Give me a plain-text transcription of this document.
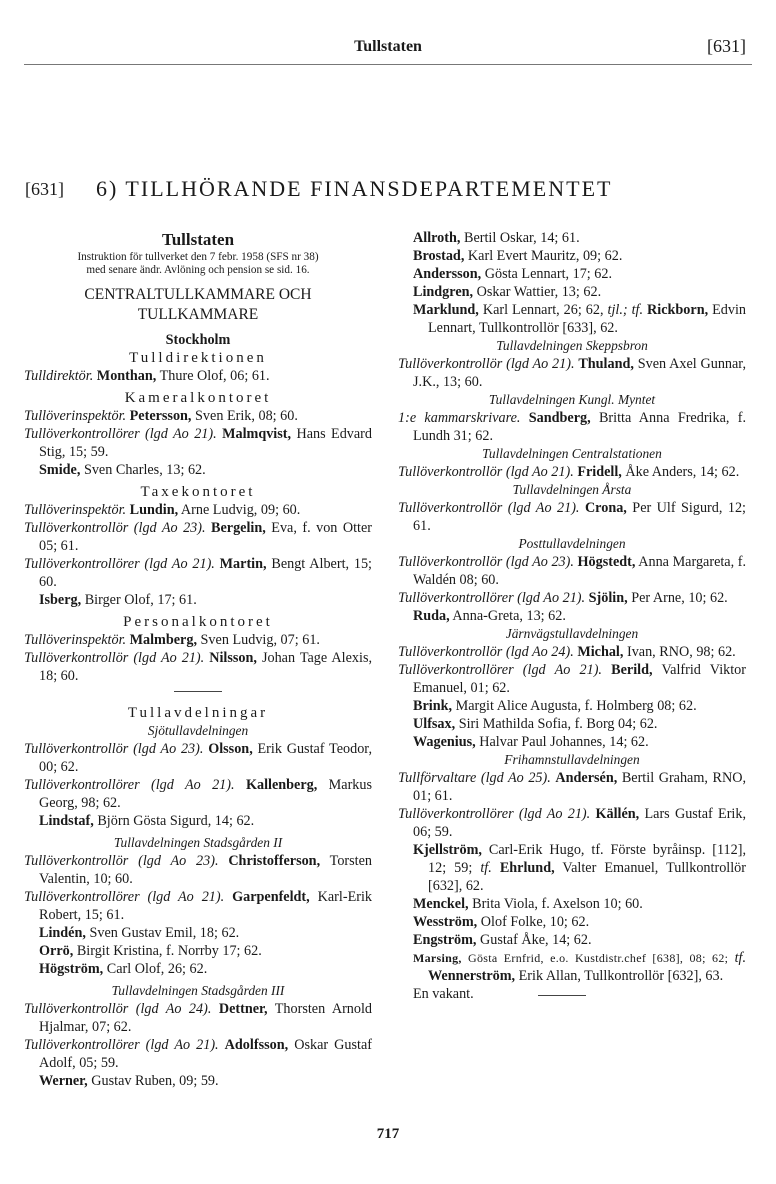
Tullstaten	[631]
[631] 6) TILLHÖRANDE FINANSDEPARTEMENTET
Tullstaten
Instruktion för tullverket den 7 febr. 1958 (SFS nr 38)
med senare ändr. Avlöning och pension se sid. 16.
CENTRALTULLKAMMARE OCH
TULLKAMMARE
Stockholm
Tulldirektionen
Tulldirektör. Monthan, Thure Olof, 06; 61.
Kameralkontoret
Tullöverinspektör. Petersson, Sven Erik, 08; 60.
Tullöverkontrollörer (lgd Ao 21). Malmqvist, Hans Edvard Stig, 15; 59.
Smide, Sven Charles, 13; 62.
Taxekontoret
Tullöverinspektör. Lundin, Arne Ludvig, 09; 60.
Tullöverkontrollör (lgd Ao 23). Bergelin, Eva, f. von Otter 05; 61.
Tullöverkontrollörer (lgd Ao 21). Martin, Bengt Albert, 15; 60.
Isberg, Birger Olof, 17; 61.
Personalkontoret
Tullöverinspektör. Malmberg, Sven Ludvig, 07; 61.
Tullöverkontrollör (lgd Ao 21). Nilsson, Johan Tage Alexis, 18; 60.
Tullavdelningar
Sjötullavdelningen
Tullöverkontrollör (lgd Ao 23). Olsson, Erik Gustaf Teodor, 00; 62.
Tullöverkontrollörer (lgd Ao 21). Kallenberg, Markus Georg, 98; 62.
Lindstaf, Björn Gösta Sigurd, 14; 62.
Tullavdelningen Stadsgården II
Tullöverkontrollör (lgd Ao 23). Christofferson, Torsten Valentin, 10; 60.
Tullöverkontrollörer (lgd Ao 21). Garpenfeldt, Karl-Erik Robert, 15; 61.
Lindén, Sven Gustav Emil, 18; 62.
Orrö, Birgit Kristina, f. Norrby 17; 62.
Högström, Carl Olof, 26; 62.
Tullavdelningen Stadsgården III
Tullöverkontrollör (lgd Ao 24). Dettner, Thorsten Arnold Hjalmar, 07; 62.
Tullöverkontrollörer (lgd Ao 21). Adolfsson, Oskar Gustaf Adolf, 05; 59.
Werner, Gustav Ruben, 09; 59.
Allroth, Bertil Oskar, 14; 61.
Brostad, Karl Evert Mauritz, 09; 62.
Andersson, Gösta Lennart, 17; 62.
Lindgren, Oskar Wattier, 13; 62.
Marklund, Karl Lennart, 26; 62, tjl.; tf. Rickborn, Edvin Lennart, Tullkontrollör [633], 62.
Tullavdelningen Skeppsbron
Tullöverkontrollör (lgd Ao 21). Thuland, Sven Axel Gunnar, J.K., 13; 60.
Tullavdelningen Kungl. Myntet
1:e kammarskrivare. Sandberg, Britta Anna Fredrika, f. Lundh 31; 62.
Tullavdelningen Centralstationen
Tullöverkontrollör (lgd Ao 21). Fridell, Åke Anders, 14; 62.
Tullavdelningen Årsta
Tullöverkontrollör (lgd Ao 21). Crona, Per Ulf Sigurd, 12; 61.
Posttullavdelningen
Tullöverkontrollör (lgd Ao 23). Högstedt, Anna Margareta, f. Waldén 08; 60.
Tullöverkontrollörer (lgd Ao 21). Sjölin, Per Arne, 10; 62.
Ruda, Anna-Greta, 13; 62.
Järnvägstullavdelningen
Tullöverkontrollör (lgd Ao 24). Michal, Ivan, RNO, 98; 62.
Tullöverkontrollörer (lgd Ao 21). Berild, Valfrid Viktor Emanuel, 01; 62.
Brink, Margit Alice Augusta, f. Holmberg 08; 62.
Ulfsax, Siri Mathilda Sofia, f. Borg 04; 62.
Wagenius, Halvar Paul Johannes, 14; 62.
Frihamnstullavdelningen
Tullförvaltare (lgd Ao 25). Andersén, Bertil Graham, RNO, 01; 61.
Tullöverkontrollörer (lgd Ao 21). Källén, Lars Gustaf Erik, 06; 59.
Kjellström, Carl-Erik Hugo, tf. Förste byråinsp. [112], 12; 59; tf. Ehrlund, Valter Emanuel, Tullkontrollör [632], 62.
Menckel, Brita Viola, f. Axelson 10; 60.
Wesström, Olof Folke, 10; 62.
Engström, Gustaf Åke, 14; 62.
Marsing, Gösta Ernfrid, e.o. Kustdistr.chef [638], 08; 62; tf. Wennerström, Erik Allan, Tullkontrollör [632], 63.
En vakant.
717
